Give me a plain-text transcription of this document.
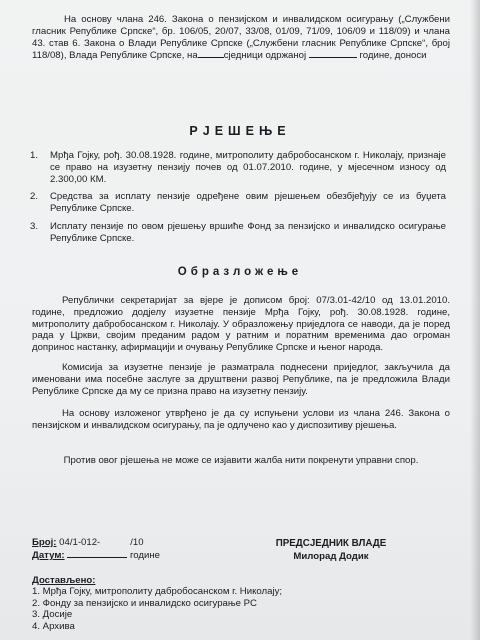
На основу члана 246. Закона о пензијском и инвалидском осигурању („Службени гласник Републике Српске“, бр. 106/05, 20/07, 33/08, 01/09, 71/09, 106/09 и 118/09) и члана 43. став 6. Закона о Влади Републике Српске („Службени гласник Републике Српске“, број 118/08), Влада Републике Српске, на	сједници одржаној	године, доноси

РЈЕШЕЊЕ
1. Мрђа Гојку, рођ. 30.08.1928. године, митрополиту дабробосанском г. Николају, признаје се право на изузетну пензију почев од 01.07.2010. године, у мјесечном износу од 2.300,00 КМ.
2. Средства за исплату пензије одређене овим рјешењем обезбјеђују се из буџета Републике Српске.
3. Исплату пензије по овом рјешењу вршиће Фонд за пензијско и инвалидско осигурање Републике Српске.
Образложење

Републички секретаријат за вјере је дописом број: 07/3.01-42/10 од 13.01.2010. године, предложио додјелу изузетне пензије Мрђа Гојку, рођ. 30.08.1928. године, митрополиту дабробосанском г. Николају. У образложењу приједлога се наводи, да је поред рада у Цркви, својим преданим радом у ратним и поратним временима дао огроман допринос настанку, афирмацији и очувању Републике Српске и њеног народа.

Комисија за изузетне пензије је разматрала поднесени приједлог, закључила да именовани има посебне заслуге за друштвени развој Републике, па је предложила Влади Републике Српске да му се призна право на изузетну пензију.

На основу изложеног утврђено је да су испуњени услови из члана 246. Закона о пензијском и инвалидском осигурању, па је одлучено као у диспозитиву рјешења.

Против овог рјешења не може се изјавити жалба нити покренути управни спор.

Број: 04/1-012-	/10
Датум:	године
ПРЕДСЈЕДНИК ВЛАДЕ
Милорад Додик
Достављено:
1. Мрђа Гојку, митрополиту дабробосанском г. Николају;
2. Фонду за пензијско и инвалидско осигурање РС
3. Досије
4. Архива
